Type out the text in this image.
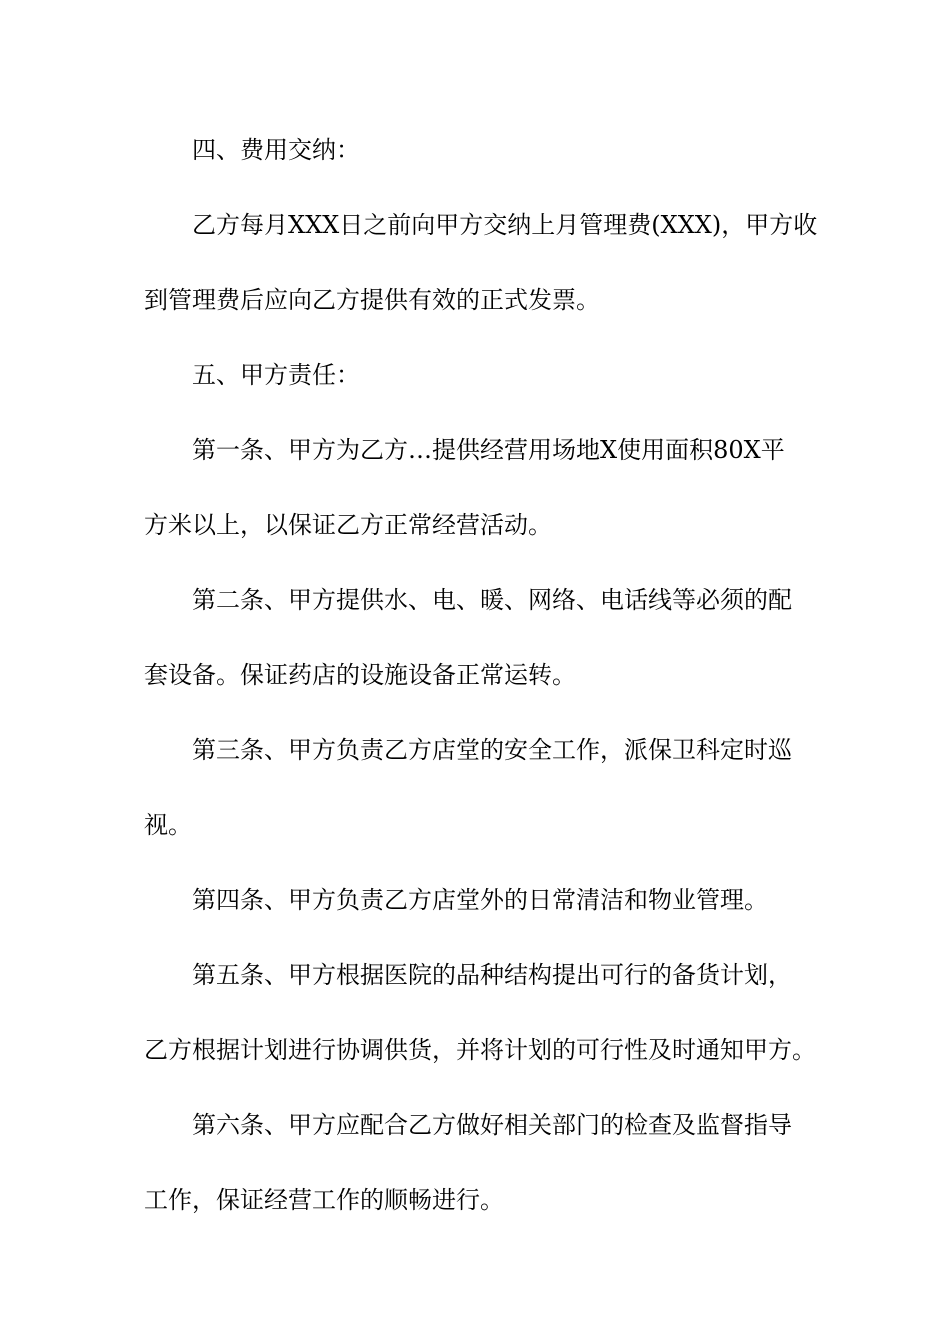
四、费用交纳：
乙方每月XXX日之前向甲方交纳上月管理费(XXX)，甲方收
到管理费后应向乙方提供有效的正式发票。
五、甲方责任：
第一条、甲方为乙方…提供经营用场地X使用面积80X平
方米以上，以保证乙方正常经营活动。
第二条、甲方提供水、电、暖、网络、电话线等必须的配
套设备。保证药店的设施设备正常运转。
第三条、甲方负责乙方店堂的安全工作，派保卫科定时巡
视。
第四条、甲方负责乙方店堂外的日常清洁和物业管理。
第五条、甲方根据医院的品种结构提出可行的备货计划，
乙方根据计划进行协调供货，并将计划的可行性及时通知甲方。
第六条、甲方应配合乙方做好相关部门的检查及监督指导
工作，保证经营工作的顺畅进行。
